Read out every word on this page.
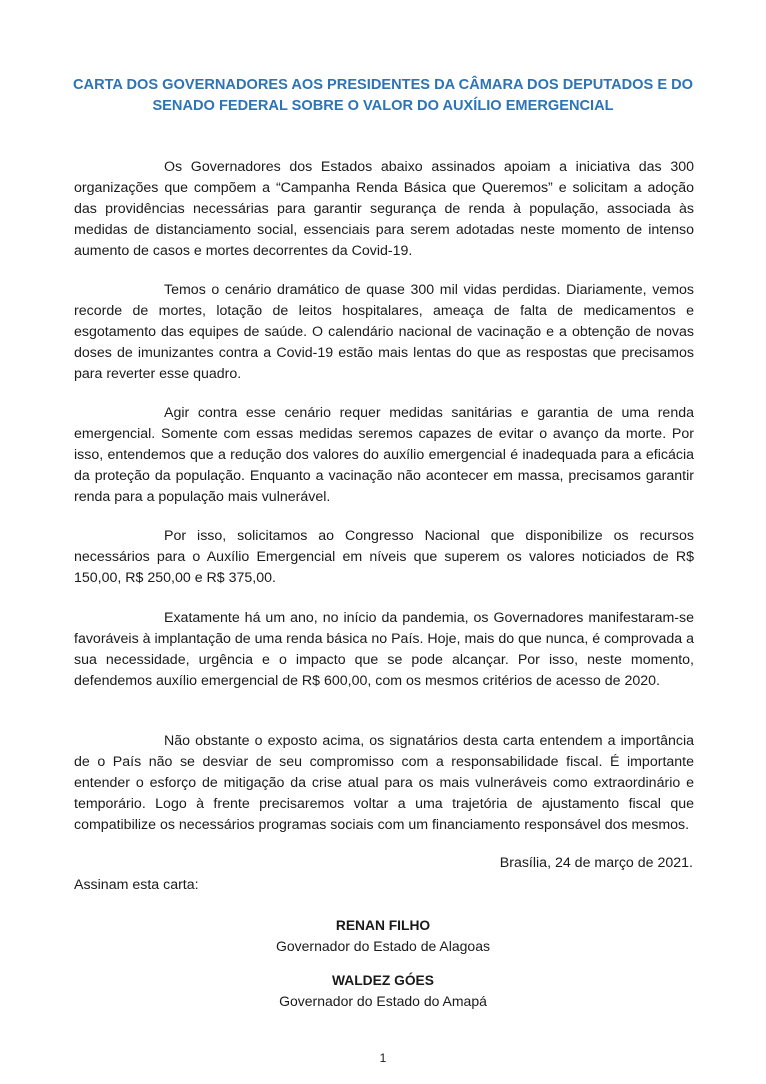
CARTA DOS GOVERNADORES AOS PRESIDENTES DA CÂMARA DOS DEPUTADOS E DO SENADO FEDERAL SOBRE O VALOR DO AUXÍLIO EMERGENCIAL

Os Governadores dos Estados abaixo assinados apoiam a iniciativa das 300 organizações que compõem a “Campanha Renda Básica que Queremos” e solicitam a adoção das providências necessárias para garantir segurança de renda à população, associada às medidas de distanciamento social, essenciais para serem adotadas neste momento de intenso aumento de casos e mortes decorrentes da Covid-19.

Temos o cenário dramático de quase 300 mil vidas perdidas. Diariamente, vemos recorde de mortes, lotação de leitos hospitalares, ameaça de falta de medicamentos e esgotamento das equipes de saúde. O calendário nacional de vacinação e a obtenção de novas doses de imunizantes contra a Covid-19 estão mais lentas do que as respostas que precisamos para reverter esse quadro.

Agir contra esse cenário requer medidas sanitárias e garantia de uma renda emergencial. Somente com essas medidas seremos capazes de evitar o avanço da morte. Por isso, entendemos que a redução dos valores do auxílio emergencial é inadequada para a eficácia da proteção da população. Enquanto a vacinação não acontecer em massa, precisamos garantir renda para a população mais vulnerável.

Por isso, solicitamos ao Congresso Nacional que disponibilize os recursos necessários para o Auxílio Emergencial em níveis que superem os valores noticiados de R$ 150,00, R$ 250,00 e R$ 375,00.

Exatamente há um ano, no início da pandemia, os Governadores manifestaram-se favoráveis à implantação de uma renda básica no País. Hoje, mais do que nunca, é comprovada a sua necessidade, urgência e o impacto que se pode alcançar. Por isso, neste momento, defendemos auxílio emergencial de R$ 600,00, com os mesmos critérios de acesso de 2020.

Não obstante o exposto acima, os signatários desta carta entendem a importância de o País não se desviar de seu compromisso com a responsabilidade fiscal. É importante entender o esforço de mitigação da crise atual para os mais vulneráveis como extraordinário e temporário. Logo à frente precisaremos voltar a uma trajetória de ajustamento fiscal que compatibilize os necessários programas sociais com um financiamento responsável dos mesmos.

Brasília, 24 de março de 2021.

Assinam esta carta:

RENAN FILHO
Governador do Estado de Alagoas
WALDEZ GÓES
Governador do Estado do Amapá
1
